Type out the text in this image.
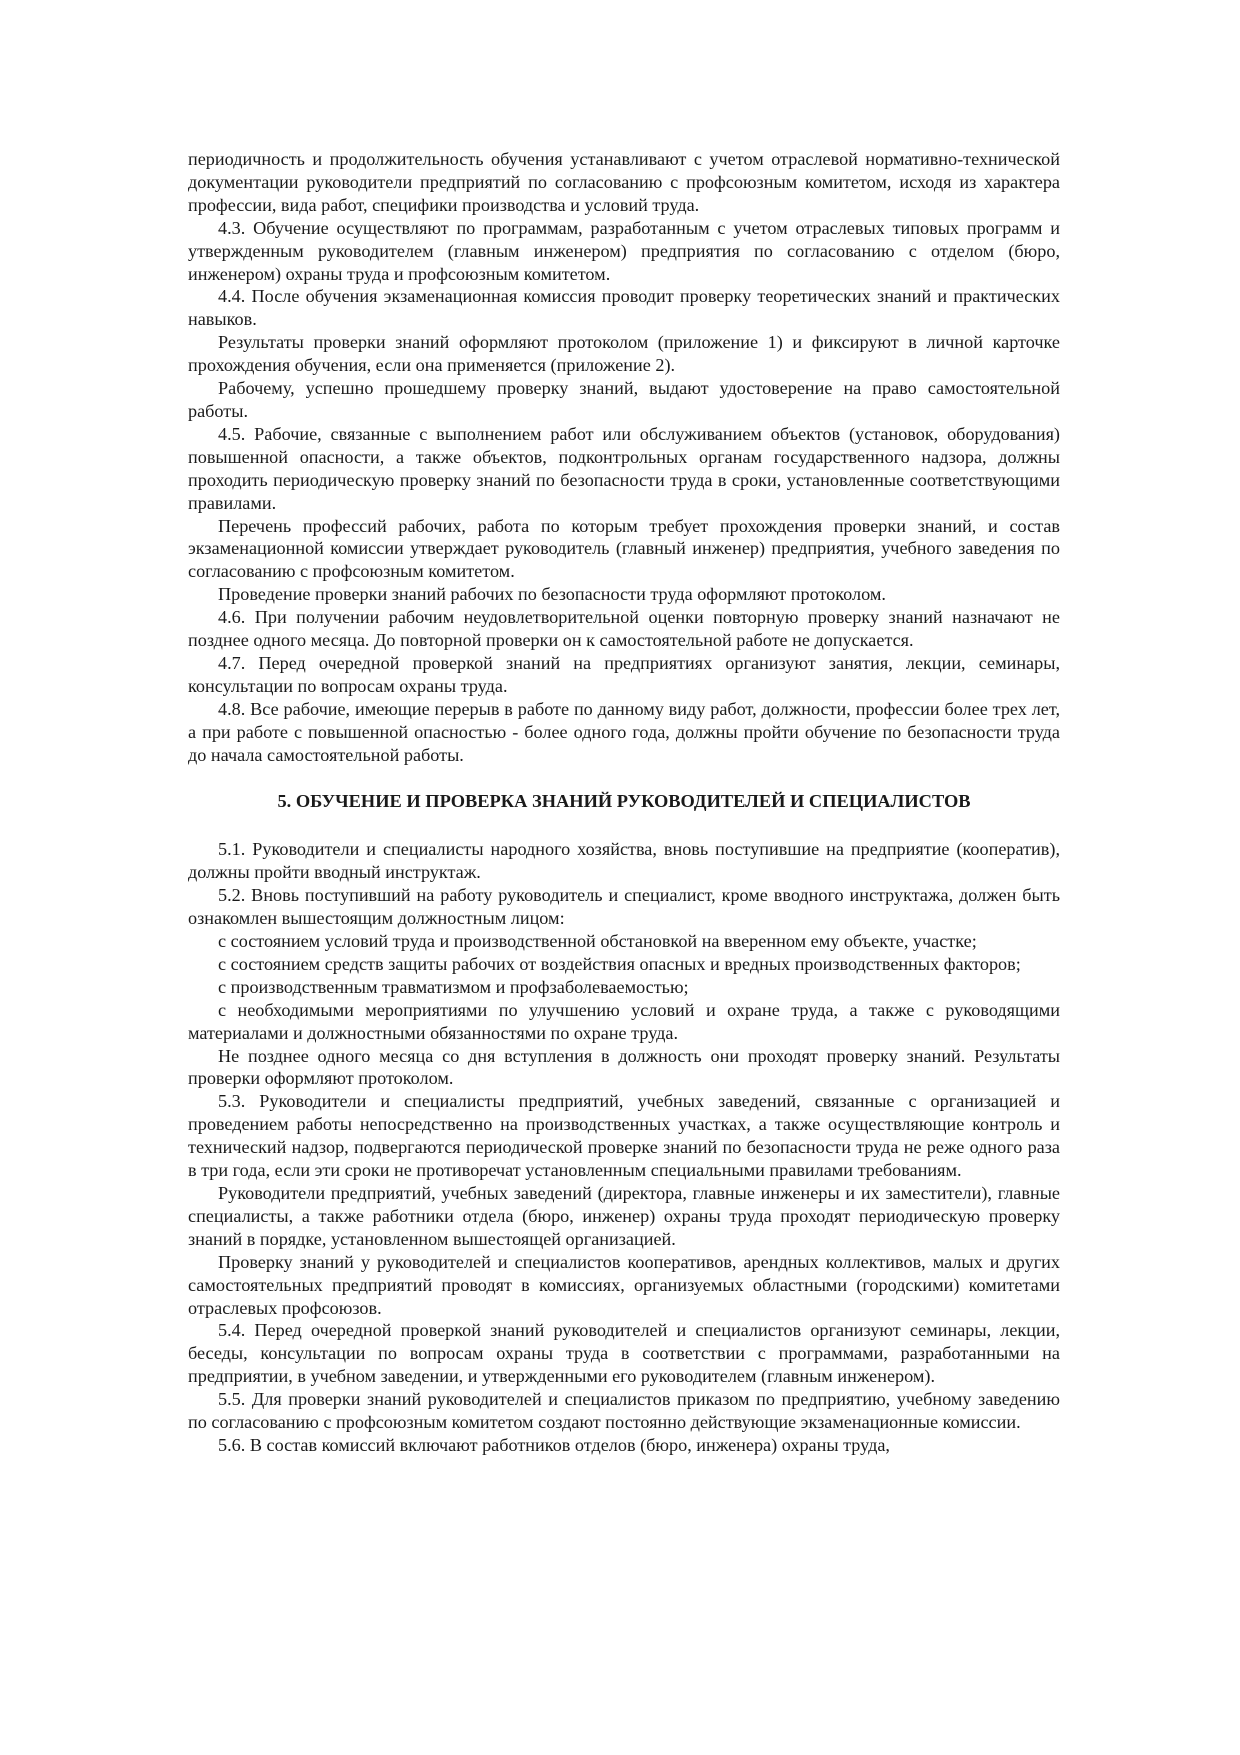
периодичность и продолжительность обучения устанавливают с учетом отраслевой нормативно-технической документации руководители предприятий по согласованию с профсоюзным комитетом, исходя из характера профессии, вида работ, специфики производства и условий труда.

4.3. Обучение осуществляют по программам, разработанным с учетом отраслевых типовых программ и утвержденным руководителем (главным инженером) предприятия по согласованию с отделом (бюро, инженером) охраны труда и профсоюзным комитетом.

4.4. После обучения экзаменационная комиссия проводит проверку теоретических знаний и практических навыков.

Результаты проверки знаний оформляют протоколом (приложение 1) и фиксируют в личной карточке прохождения обучения, если она применяется (приложение 2).

Рабочему, успешно прошедшему проверку знаний, выдают удостоверение на право самостоятельной работы.

4.5. Рабочие, связанные с выполнением работ или обслуживанием объектов (установок, оборудования) повышенной опасности, а также объектов, подконтрольных органам государственного надзора, должны проходить периодическую проверку знаний по безопасности труда в сроки, установленные соответствующими правилами.

Перечень профессий рабочих, работа по которым требует прохождения проверки знаний, и состав экзаменационной комиссии утверждает руководитель (главный инженер) предприятия, учебного заведения по согласованию с профсоюзным комитетом.

Проведение проверки знаний рабочих по безопасности труда оформляют протоколом.

4.6. При получении рабочим неудовлетворительной оценки повторную проверку знаний назначают не позднее одного месяца. До повторной проверки он к самостоятельной работе не допускается.

4.7. Перед очередной проверкой знаний на предприятиях организуют занятия, лекции, семинары, консультации по вопросам охраны труда.

4.8. Все рабочие, имеющие перерыв в работе по данному виду работ, должности, профессии более трех лет, а при работе с повышенной опасностью - более одного года, должны пройти обучение по безопасности труда до начала самостоятельной работы.

5. ОБУЧЕНИЕ И ПРОВЕРКА ЗНАНИЙ РУКОВОДИТЕЛЕЙ И СПЕЦИАЛИСТОВ

5.1. Руководители и специалисты народного хозяйства, вновь поступившие на предприятие (кооператив), должны пройти вводный инструктаж.

5.2. Вновь поступивший на работу руководитель и специалист, кроме вводного инструктажа, должен быть ознакомлен вышестоящим должностным лицом:

с состоянием условий труда и производственной обстановкой на вверенном ему объекте, участке;

с состоянием средств защиты рабочих от воздействия опасных и вредных производственных факторов;

с производственным травматизмом и профзаболеваемостью;

с необходимыми мероприятиями по улучшению условий и охране труда, а также с руководящими материалами и должностными обязанностями по охране труда.

Не позднее одного месяца со дня вступления в должность они проходят проверку знаний. Результаты проверки оформляют протоколом.

5.3. Руководители и специалисты предприятий, учебных заведений, связанные с организацией и проведением работы непосредственно на производственных участках, а также осуществляющие контроль и технический надзор, подвергаются периодической проверке знаний по безопасности труда не реже одного раза в три года, если эти сроки не противоречат установленным специальными правилами требованиям.

Руководители предприятий, учебных заведений (директора, главные инженеры и их заместители), главные специалисты, а также работники отдела (бюро, инженер) охраны труда проходят периодическую проверку знаний в порядке, установленном вышестоящей организацией.

Проверку знаний у руководителей и специалистов кооперативов, арендных коллективов, малых и других самостоятельных предприятий проводят в комиссиях, организуемых областными (городскими) комитетами отраслевых профсоюзов.

5.4. Перед очередной проверкой знаний руководителей и специалистов организуют семинары, лекции, беседы, консультации по вопросам охраны труда в соответствии с программами, разработанными на предприятии, в учебном заведении, и утвержденными его руководителем (главным инженером).

5.5. Для проверки знаний руководителей и специалистов приказом по предприятию, учебному заведению по согласованию с профсоюзным комитетом создают постоянно действующие экзаменационные комиссии.

5.6. В состав комиссий включают работников отделов (бюро, инженера) охраны труда,
